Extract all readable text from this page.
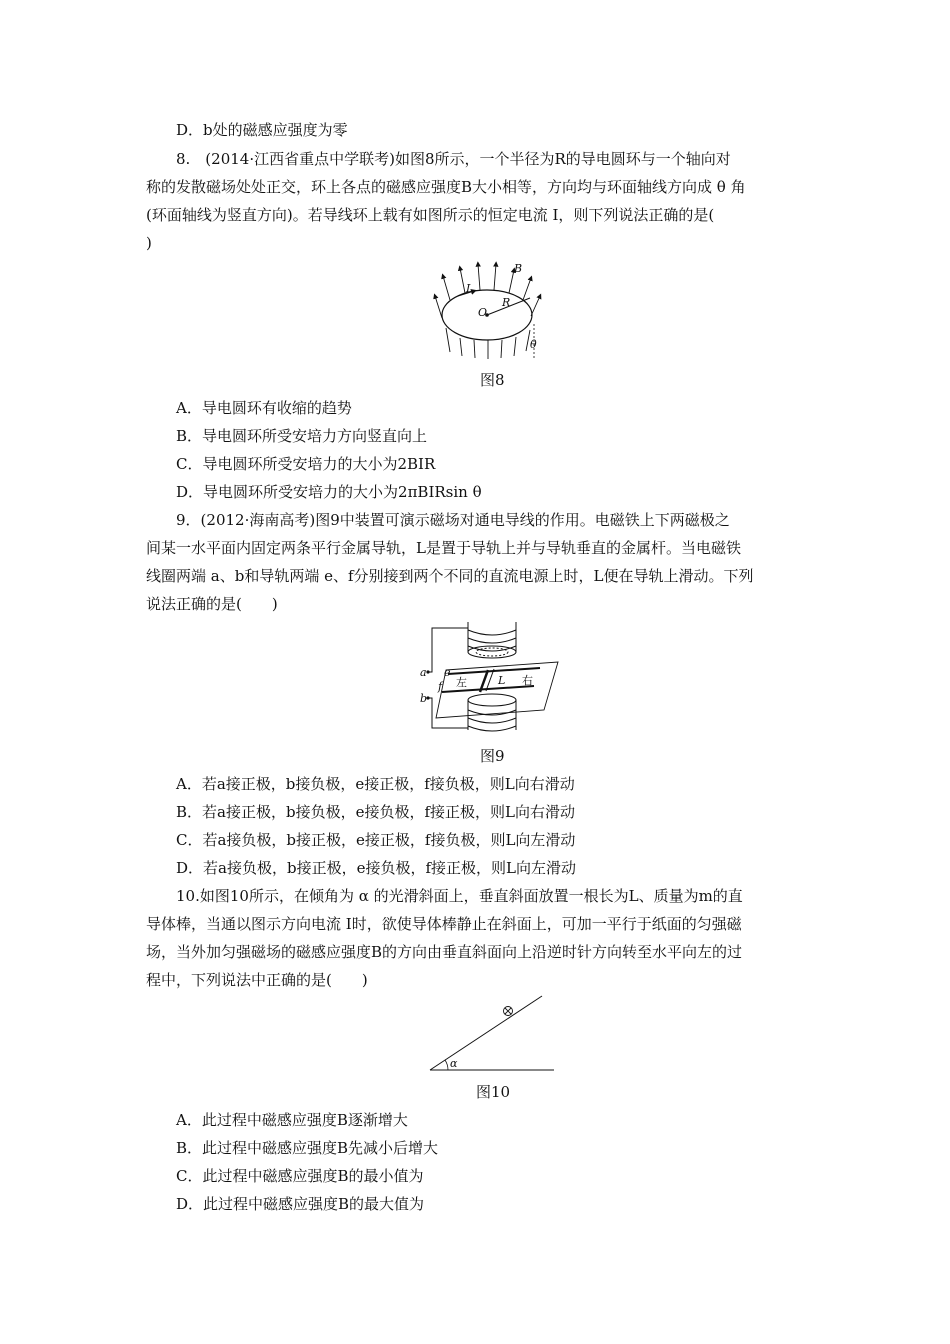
D．b处的磁感应强度为零
8.　(2014·江西省重点中学联考)如图8所示，一个半径为R的导电圆环与一个轴向对
称的发散磁场处处正交，环上各点的磁感应强度B大小相等，方向均与环面轴线方向成 θ 角
(环面轴线为竖直方向)。若导线环上载有如图所示的恒定电流 I，则下列说法正确的是(
)
B
I
R
O
θ
图8
A．导电圆环有收缩的趋势
B．导电圆环所受安培力方向竖直向上
C．导电圆环所受安培力的大小为2BIR
D．导电圆环所受安培力的大小为2πBIRsin θ
9．(2012·海南高考)图9中装置可演示磁场对通电导线的作用。电磁铁上下两磁极之
间某一水平面内固定两条平行金属导轨，L是置于导轨上并与导轨垂直的金属杆。当电磁铁
线圈两端 a、b和导轨两端 e、f分别接到两个不同的直流电源上时，L便在导轨上滑动。下列
说法正确的是(　　)
a
b
e
f 左	L 右
图9
A．若a接正极，b接负极，e接正极，f接负极，则L向右滑动
B．若a接正极，b接负极，e接负极，f接正极，则L向右滑动
C．若a接负极，b接正极，e接正极，f接负极，则L向左滑动
D．若a接负极，b接正极，e接负极，f接正极，则L向左滑动
10.如图10所示，在倾角为 α 的光滑斜面上，垂直斜面放置一根长为L、质量为m的直
导体棒，当通以图示方向电流 I时，欲使导体棒静止在斜面上，可加一平行于纸面的匀强磁
场，当外加匀强磁场的磁感应强度B的方向由垂直斜面向上沿逆时针方向转至水平向左的过
程中，下列说法中正确的是(　　)
α
图10
A．此过程中磁感应强度B逐渐增大
B．此过程中磁感应强度B先减小后增大
C．此过程中磁感应强度B的最小值为
D．此过程中磁感应强度B的最大值为
